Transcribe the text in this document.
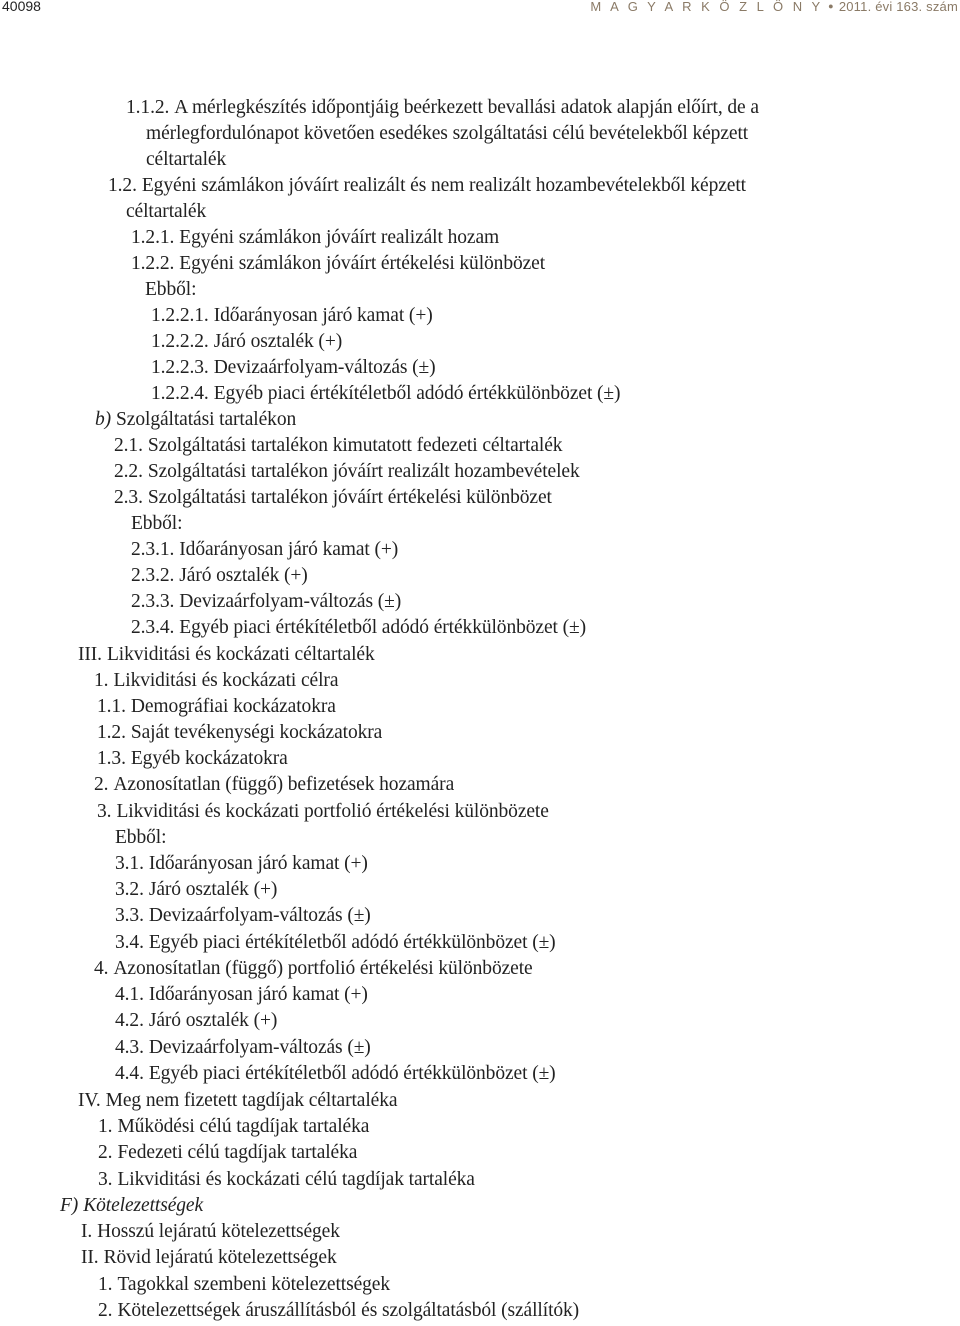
40098	M A G Y A R K Ö Z L Ö N Y ● 2011. évi 163. szám
1.1.2. A mérlegkészítés időpontjáig beérkezett bevallási adatok alapján előírt, de a
mérlegfordulónapot követően esedékes szolgáltatási célú bevételekből képzett
céltartalék
1.2. Egyéni számlákon jóváírt realizált és nem realizált hozambevételekből képzett
céltartalék
1.2.1. Egyéni számlákon jóváírt realizált hozam
1.2.2. Egyéni számlákon jóváírt értékelési különbözet
Ebből:
1.2.2.1. Időarányosan járó kamat (+)
1.2.2.2. Járó osztalék (+)
1.2.2.3. Devizaárfolyam-változás (±)
1.2.2.4. Egyéb piaci értékítéletből adódó értékkülönbözet (±)
b) Szolgáltatási tartalékon
2.1. Szolgáltatási tartalékon kimutatott fedezeti céltartalék
2.2. Szolgáltatási tartalékon jóváírt realizált hozambevételek
2.3. Szolgáltatási tartalékon jóváírt értékelési különbözet
Ebből:
2.3.1. Időarányosan járó kamat (+)
2.3.2. Járó osztalék (+)
2.3.3. Devizaárfolyam-változás (±)
2.3.4. Egyéb piaci értékítéletből adódó értékkülönbözet (±)
III. Likviditási és kockázati céltartalék
1. Likviditási és kockázati célra
1.1. Demográfiai kockázatokra
1.2. Saját tevékenységi kockázatokra
1.3. Egyéb kockázatokra
2. Azonosítatlan (függő) befizetések hozamára
3. Likviditási és kockázati portfolió értékelési különbözete
Ebből:
3.1. Időarányosan járó kamat (+)
3.2. Járó osztalék (+)
3.3. Devizaárfolyam-változás (±)
3.4. Egyéb piaci értékítéletből adódó értékkülönbözet (±)
4. Azonosítatlan (függő) portfolió értékelési különbözete
4.1. Időarányosan járó kamat (+)
4.2. Járó osztalék (+)
4.3. Devizaárfolyam-változás (±)
4.4. Egyéb piaci értékítéletből adódó értékkülönbözet (±)
IV. Meg nem fizetett tagdíjak céltartaléka
1. Működési célú tagdíjak tartaléka
2. Fedezeti célú tagdíjak tartaléka
3. Likviditási és kockázati célú tagdíjak tartaléka
F) Kötelezettségek
I. Hosszú lejáratú kötelezettségek
II. Rövid lejáratú kötelezettségek
1. Tagokkal szembeni kötelezettségek
2. Kötelezettségek áruszállításból és szolgáltatásból (szállítók)
